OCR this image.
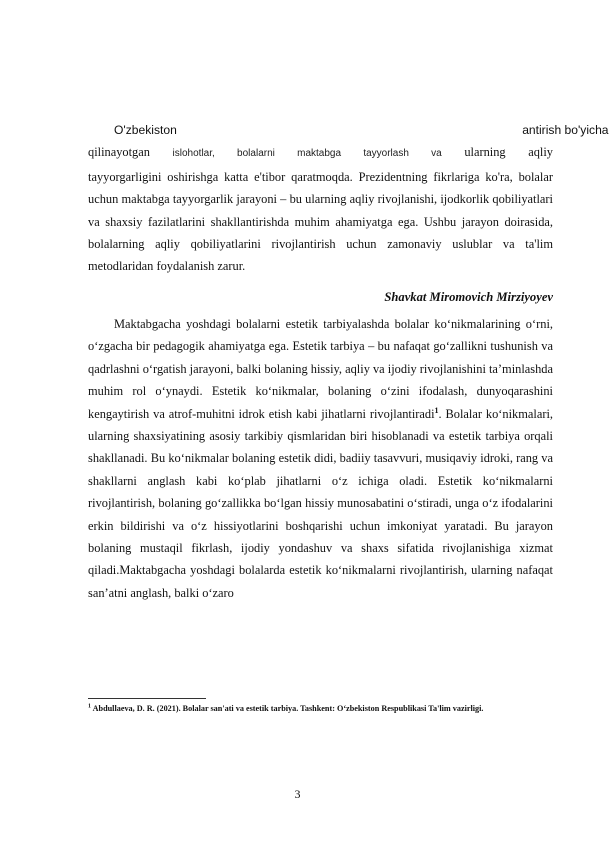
O'zbekiston	antirish bo'yicha
qilinayotgan islohotlar, bolalarni maktabga tayyorlash va ularning aqliy
tayyorgarligini oshirishga katta e'tibor qaratmoqda. Prezidentning fikrlariga ko'ra, bolalar uchun maktabga tayyorgarlik jarayoni – bu ularning aqliy rivojlanishi, ijodkorlik qobiliyatlari va shaxsiy fazilatlarini shakllantirishda muhim ahamiyatga ega. Ushbu jarayon doirasida, bolalarning aqliy qobiliyatlarini rivojlantirish uchun zamonaviy uslublar va ta'lim metodlaridan foydalanish zarur.
Shavkat Miromovich Mirziyoyev

Maktabgacha yoshdagi bolalarni estetik tarbiyalashda bolalar ko‘nikmalarining o‘rni, o‘zgacha bir pedagogik ahamiyatga ega. Estetik tarbiya – bu nafaqat go‘zallikni tushunish va qadrlashni o‘rgatish jarayoni, balki bolaning hissiy, aqliy va ijodiy rivojlanishini ta’minlashda muhim rol o‘ynaydi. Estetik ko‘nikmalar, bolaning o‘zini ifodalash, dunyoqarashini kengaytirish va atrof-muhitni idrok etish kabi jihatlarni rivojlantiradi$^1$. Bolalar ko‘nikmalari, ularning shaxsiyatining asosiy tarkibiy qismlaridan biri hisoblanadi va estetik tarbiya orqali shakllanadi. Bu ko‘nikmalar bolaning estetik didi, badiiy tasavvuri, musiqaviy idroki, rang va shakllarni anglash kabi ko‘plab jihatlarni o‘z ichiga oladi. Estetik ko‘nikmalarni rivojlantirish, bolaning go‘zallikka bo‘lgan hissiy munosabatini o‘stiradi, unga o‘z ifodalarini erkin bildirishi va o‘z hissiyotlarini boshqarishi uchun imkoniyat yaratadi. Bu jarayon bolaning mustaqil fikrlash, ijodiy yondashuv va shaxs sifatida rivojlanishiga xizmat qiladi.Maktabgacha yoshdagi bolalarda estetik ko‘nikmalarni rivojlantirish, ularning nafaqat san’atni anglash, balki o‘zaro

$^1$ Abdullaeva, D. R. (2021). Bolalar san'ati va estetik tarbiya. Tashkent: O‘zbekiston Respublikasi Ta'lim vazirligi.
3
